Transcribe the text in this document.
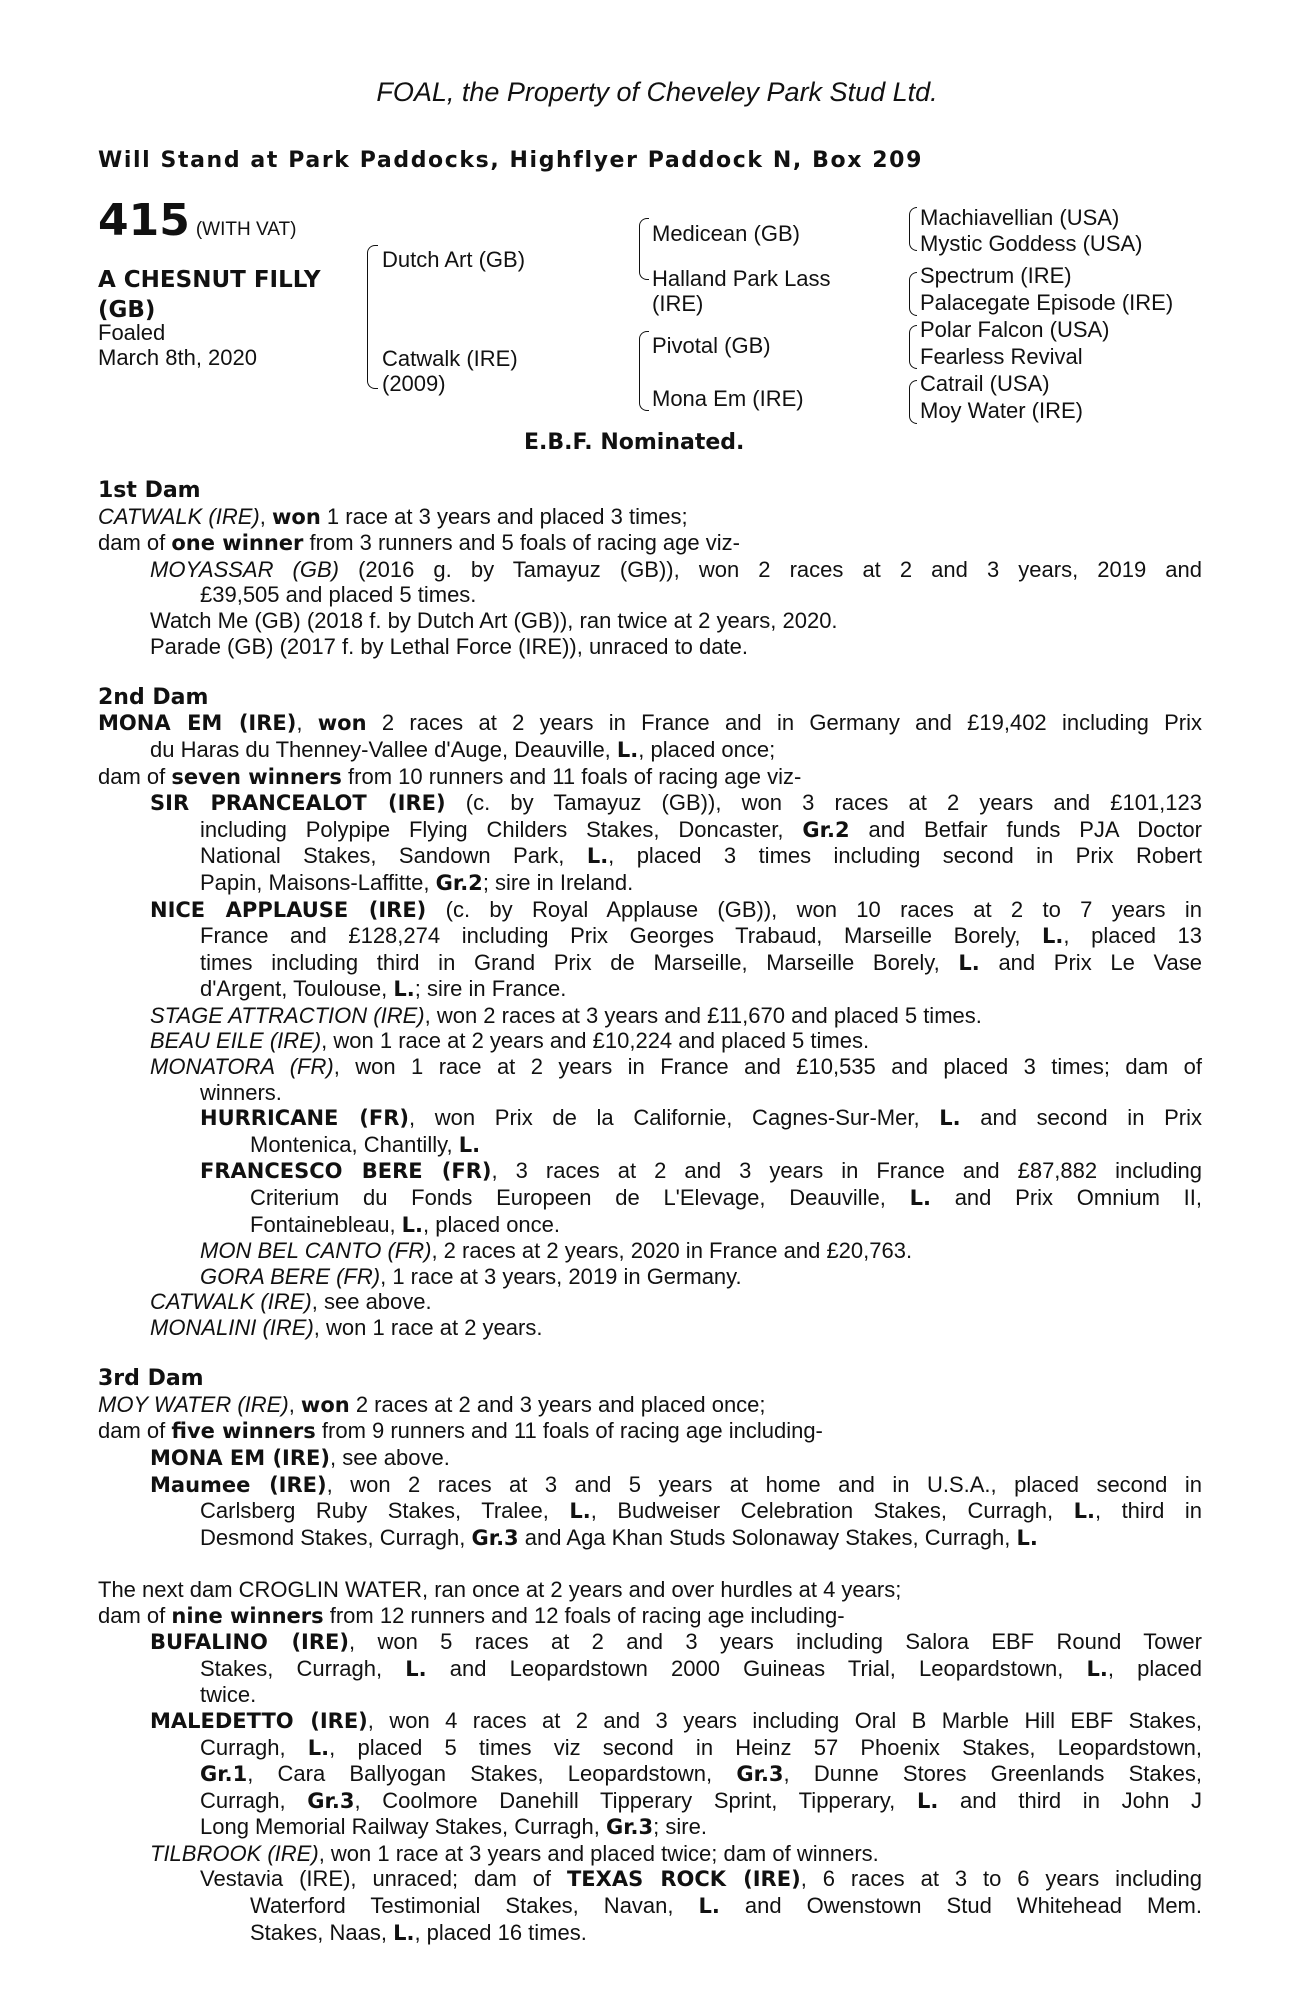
FOAL, the Property of Cheveley Park Stud Ltd.
Will Stand at Park Paddocks, Highflyer Paddock N, Box 209
415 (WITH VAT)
A CHESNUT FILLY
(GB)
Foaled
March 8th, 2020
Dutch Art (GB)
Catwalk (IRE)
(2009)
Medicean (GB)
Halland Park Lass
(IRE)
Pivotal (GB)
Mona Em (IRE)
Machiavellian (USA)
Mystic Goddess (USA)
Spectrum (IRE)
Palacegate Episode (IRE)
Polar Falcon (USA)
Fearless Revival
Catrail (USA)
Moy Water (IRE)
E.B.F. Nominated.
1st Dam
CATWALK (IRE), won 1 race at 3 years and placed 3 times;
dam of one winner from 3 runners and 5 foals of racing age viz-
MOYASSAR (GB) (2016 g. by Tamayuz (GB)), won 2 races at 2 and 3 years, 2019 and
£39,505 and placed 5 times.
Watch Me (GB) (2018 f. by Dutch Art (GB)), ran twice at 2 years, 2020.
Parade (GB) (2017 f. by Lethal Force (IRE)), unraced to date.
2nd Dam
MONA EM (IRE), won 2 races at 2 years in France and in Germany and £19,402 including Prix
du Haras du Thenney-Vallee d'Auge, Deauville, L., placed once;
dam of seven winners from 10 runners and 11 foals of racing age viz-
SIR PRANCEALOT (IRE) (c. by Tamayuz (GB)), won 3 races at 2 years and £101,123
including Polypipe Flying Childers Stakes, Doncaster, Gr.2 and Betfair funds PJA Doctor
National Stakes, Sandown Park, L., placed 3 times including second in Prix Robert
Papin, Maisons-Laffitte, Gr.2; sire in Ireland.
NICE APPLAUSE (IRE) (c. by Royal Applause (GB)), won 10 races at 2 to 7 years in
France and £128,274 including Prix Georges Trabaud, Marseille Borely, L., placed 13
times including third in Grand Prix de Marseille, Marseille Borely, L. and Prix Le Vase
d'Argent, Toulouse, L.; sire in France.
STAGE ATTRACTION (IRE), won 2 races at 3 years and £11,670 and placed 5 times.
BEAU EILE (IRE), won 1 race at 2 years and £10,224 and placed 5 times.
MONATORA (FR), won 1 race at 2 years in France and £10,535 and placed 3 times; dam of
winners.
HURRICANE (FR), won Prix de la Californie, Cagnes-Sur-Mer, L. and second in Prix
Montenica, Chantilly, L.
FRANCESCO BERE (FR), 3 races at 2 and 3 years in France and £87,882 including
Criterium du Fonds Europeen de L'Elevage, Deauville, L. and Prix Omnium II,
Fontainebleau, L., placed once.
MON BEL CANTO (FR), 2 races at 2 years, 2020 in France and £20,763.
GORA BERE (FR), 1 race at 3 years, 2019 in Germany.
CATWALK (IRE), see above.
MONALINI (IRE), won 1 race at 2 years.
3rd Dam
MOY WATER (IRE), won 2 races at 2 and 3 years and placed once;
dam of five winners from 9 runners and 11 foals of racing age including-
MONA EM (IRE), see above.
Maumee (IRE), won 2 races at 3 and 5 years at home and in U.S.A., placed second in
Carlsberg Ruby Stakes, Tralee, L., Budweiser Celebration Stakes, Curragh, L., third in
Desmond Stakes, Curragh, Gr.3 and Aga Khan Studs Solonaway Stakes, Curragh, L.
The next dam CROGLIN WATER, ran once at 2 years and over hurdles at 4 years;
dam of nine winners from 12 runners and 12 foals of racing age including-
BUFALINO (IRE), won 5 races at 2 and 3 years including Salora EBF Round Tower
Stakes, Curragh, L. and Leopardstown 2000 Guineas Trial, Leopardstown, L., placed
twice.
MALEDETTO (IRE), won 4 races at 2 and 3 years including Oral B Marble Hill EBF Stakes,
Curragh, L., placed 5 times viz second in Heinz 57 Phoenix Stakes, Leopardstown,
Gr.1, Cara Ballyogan Stakes, Leopardstown, Gr.3, Dunne Stores Greenlands Stakes,
Curragh, Gr.3, Coolmore Danehill Tipperary Sprint, Tipperary, L. and third in John J
Long Memorial Railway Stakes, Curragh, Gr.3; sire.
TILBROOK (IRE), won 1 race at 3 years and placed twice; dam of winners.
Vestavia (IRE), unraced; dam of TEXAS ROCK (IRE), 6 races at 3 to 6 years including
Waterford Testimonial Stakes, Navan, L. and Owenstown Stud Whitehead Mem.
Stakes, Naas, L., placed 16 times.
